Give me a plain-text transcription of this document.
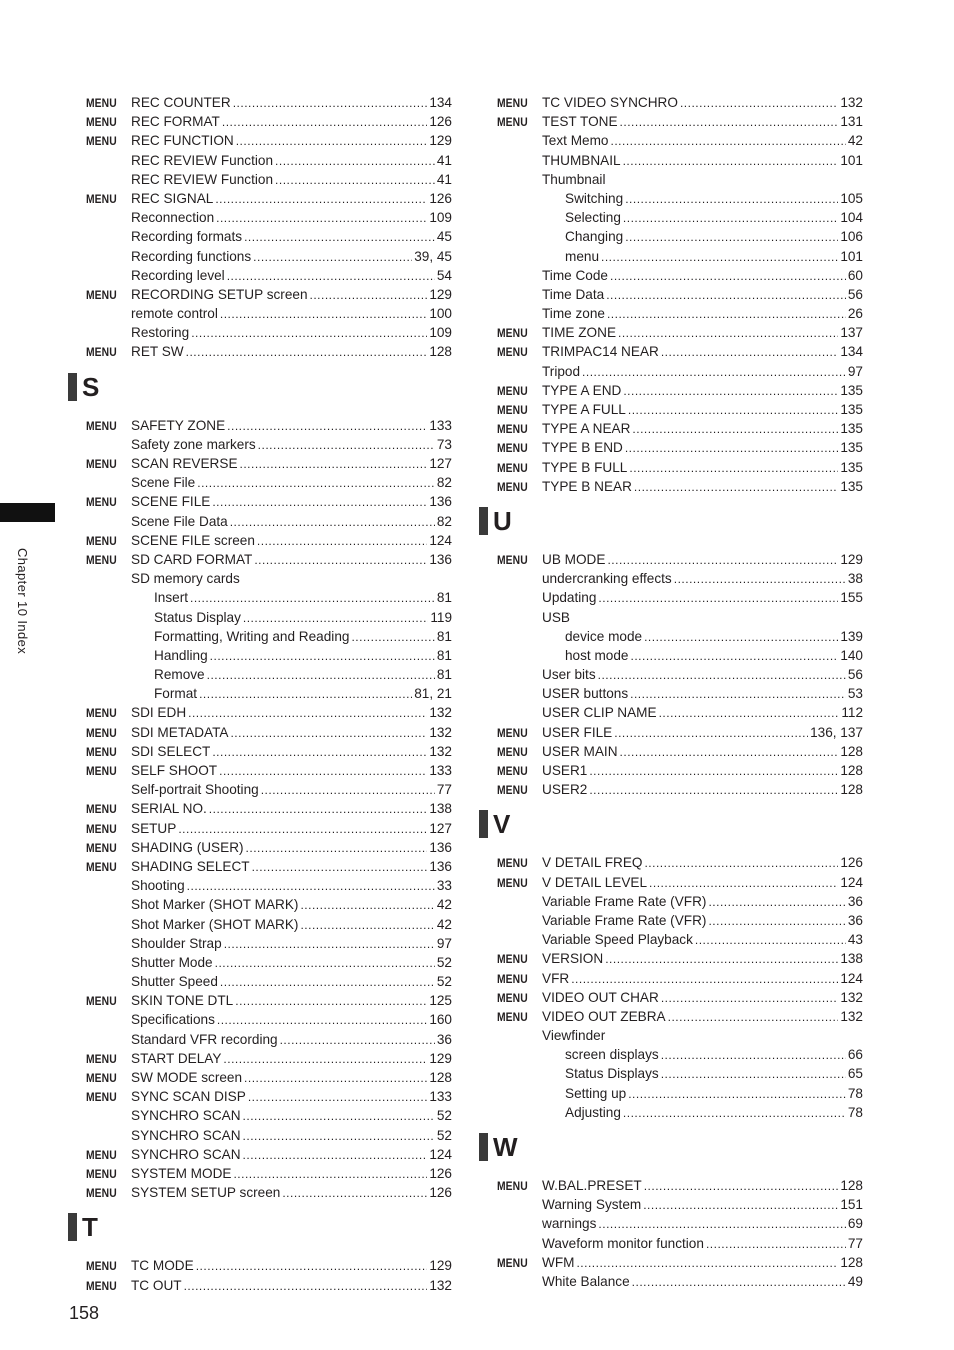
Chapter 10 Index
MENU	REC COUNTER .....	134
MENU	REC FORMAT .....	126
MENU	REC FUNCTION .....	129
REC REVIEW Function .....	41
REC REVIEW Function .....	41
MENU	REC SIGNAL .....	126
Reconnection .....	109
Recording formats .....	45
Recording functions .....	39, 45
Recording level .....	54
MENU	RECORDING SETUP screen .....	129
remote control .....	100
Restoring .....	109
MENU	RET SW .....	128
S
MENU	SAFETY ZONE .....	133
Safety zone markers .....	73
MENU	SCAN REVERSE .....	127
Scene File .....	82
MENU	SCENE FILE .....	136
Scene File Data .....	82
MENU	SCENE FILE screen .....	124
MENU	SD CARD FORMAT .....	136
SD memory cards
Insert .....	81
Status Display .....	119
Formatting, Writing and Reading .....	81
Handling .....	81
Remove .....	81
Format .....	81, 21
MENU	SDI EDH .....	132
MENU	SDI METADATA .....	132
MENU	SDI SELECT .....	132
MENU	SELF SHOOT .....	133
Self-portrait Shooting .....	77
MENU	SERIAL NO. .....	138
MENU	SETUP .....	127
MENU	SHADING (USER) .....	136
MENU	SHADING SELECT .....	136
Shooting .....	33
Shot Marker (SHOT MARK) .....	42
Shot Marker (SHOT MARK) .....	42
Shoulder Strap .....	97
Shutter Mode .....	52
Shutter Speed .....	52
MENU	SKIN TONE DTL .....	125
Specifications .....	160
Standard VFR recording .....	36
MENU	START DELAY .....	129
MENU	SW MODE screen .....	128
MENU	SYNC SCAN DISP .....	133
SYNCHRO SCAN .....	52
SYNCHRO SCAN .....	52
MENU	SYNCHRO SCAN .....	124
MENU	SYSTEM MODE .....	126
MENU	SYSTEM SETUP screen .....	126
T
MENU	TC MODE .....	129
MENU	TC OUT .....	132
MENU	TC VIDEO SYNCHRO .....	132
MENU	TEST TONE .....	131
Text Memo .....	42
THUMBNAIL .....	101
Thumbnail
Switching .....	105
Selecting .....	104
Changing .....	106
menu .....	101
Time Code .....	60
Time Data .....	56
Time zone .....	26
MENU	TIME ZONE .....	137
MENU	TRIMPAC14 NEAR .....	134
Tripod .....	97
MENU	TYPE A END .....	135
MENU	TYPE A FULL .....	135
MENU	TYPE A NEAR .....	135
MENU	TYPE B END .....	135
MENU	TYPE B FULL .....	135
MENU	TYPE B NEAR .....	135
U
MENU	UB MODE .....	129
undercranking effects .....	38
Updating .....	155
USB
device mode .....	139
host mode .....	140
User bits .....	56
USER buttons .....	53
USER CLIP NAME .....	112
MENU	USER FILE .....	136, 137
MENU	USER MAIN .....	128
MENU	USER1 .....	128
MENU	USER2 .....	128
V
MENU	V DETAIL FREQ .....	126
MENU	V DETAIL LEVEL .....	124
Variable Frame Rate (VFR) .....	36
Variable Frame Rate (VFR) .....	36
Variable Speed Playback .....	43
MENU	VERSION .....	138
MENU	VFR .....	124
MENU	VIDEO OUT CHAR .....	132
MENU	VIDEO OUT ZEBRA .....	132
Viewfinder
screen displays .....	66
Status Displays .....	65
Setting up .....	78
Adjusting .....	78
W
MENU	W.BAL.PRESET .....	128
Warning System .....	151
warnings .....	69
Waveform monitor function .....	77
MENU	WFM .....	128
White Balance .....	49
158
